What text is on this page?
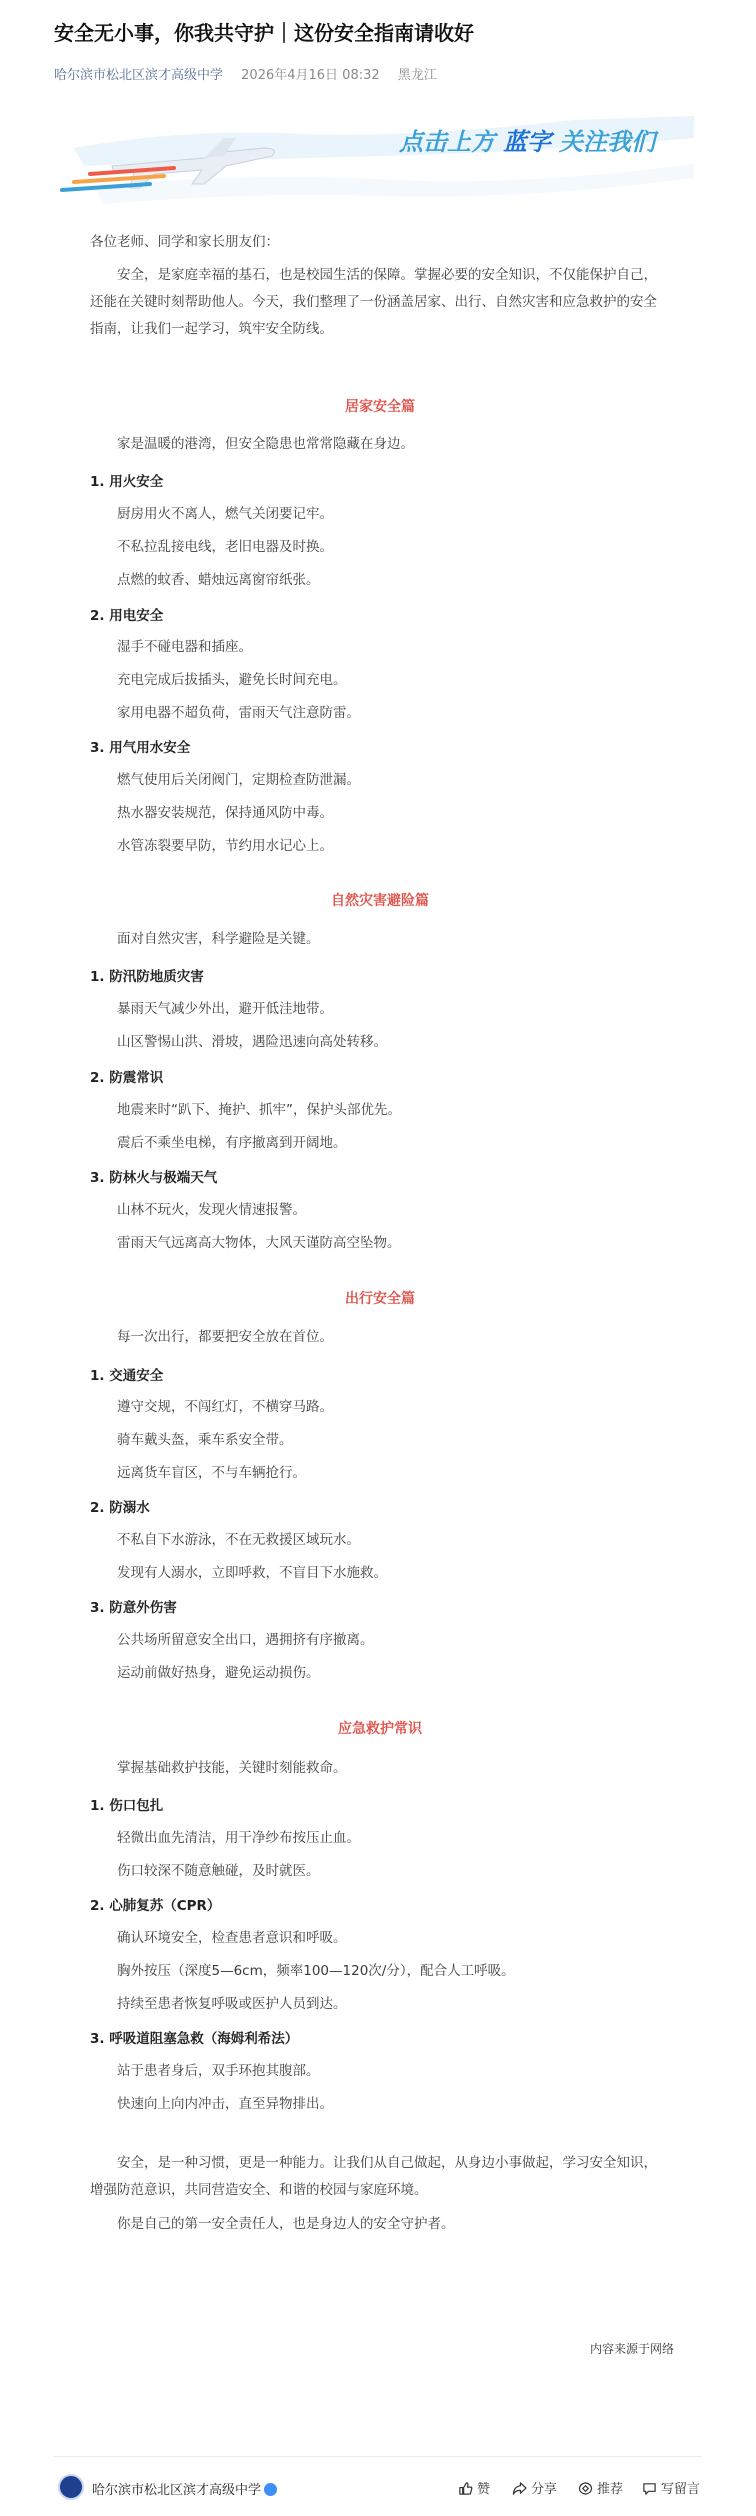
安全无小事，你我共守护｜这份安全指南请收好
哈尔滨市松北区滨才高级中学 2026年4月16日 08:32 黑龙江
点击上方 蓝字 关注我们
各位老师、同学和家长朋友们：
安全，是家庭幸福的基石，也是校园生活的保障。掌握必要的安全知识，不仅能保护自己，还能在关键时刻帮助他人。今天，我们整理了一份涵盖居家、出行、自然灾害和应急救护的安全指南，让我们一起学习，筑牢安全防线。
居家安全篇
家是温暖的港湾，但安全隐患也常常隐藏在身边。
1. 用火安全
厨房用火不离人，燃气关闭要记牢。
不私拉乱接电线，老旧电器及时换。
点燃的蚊香、蜡烛远离窗帘纸张。
2. 用电安全
湿手不碰电器和插座。
充电完成后拔插头，避免长时间充电。
家用电器不超负荷，雷雨天气注意防雷。
3. 用气用水安全
燃气使用后关闭阀门，定期检查防泄漏。
热水器安装规范，保持通风防中毒。
水管冻裂要早防，节约用水记心上。
自然灾害避险篇
面对自然灾害，科学避险是关键。
1. 防汛防地质灾害
暴雨天气减少外出，避开低洼地带。
山区警惕山洪、滑坡，遇险迅速向高处转移。
2. 防震常识
地震来时“趴下、掩护、抓牢”，保护头部优先。
震后不乘坐电梯，有序撤离到开阔地。
3. 防林火与极端天气
山林不玩火，发现火情速报警。
雷雨天气远离高大物体，大风天谨防高空坠物。
出行安全篇
每一次出行，都要把安全放在首位。
1. 交通安全
遵守交规，不闯红灯，不横穿马路。
骑车戴头盔，乘车系安全带。
远离货车盲区，不与车辆抢行。
2. 防溺水
不私自下水游泳，不在无救援区域玩水。
发现有人溺水，立即呼救，不盲目下水施救。
3. 防意外伤害
公共场所留意安全出口，遇拥挤有序撤离。
运动前做好热身，避免运动损伤。
应急救护常识
掌握基础救护技能，关键时刻能救命。
1. 伤口包扎
轻微出血先清洁，用干净纱布按压止血。
伤口较深不随意触碰，及时就医。
2. 心肺复苏（CPR）
确认环境安全，检查患者意识和呼吸。
胸外按压（深度5—6cm，频率100—120次/分），配合人工呼吸。
持续至患者恢复呼吸或医护人员到达。
3. 呼吸道阻塞急救（海姆利希法）
站于患者身后，双手环抱其腹部。
快速向上向内冲击，直至异物排出。
安全，是一种习惯，更是一种能力。让我们从自己做起，从身边小事做起，学习安全知识，增强防范意识，共同营造安全、和谐的校园与家庭环境。
你是自己的第一安全责任人，也是身边人的安全守护者。
内容来源于网络
哈尔滨市松北区滨才高级中学	赞	分享	推荐	写留言
